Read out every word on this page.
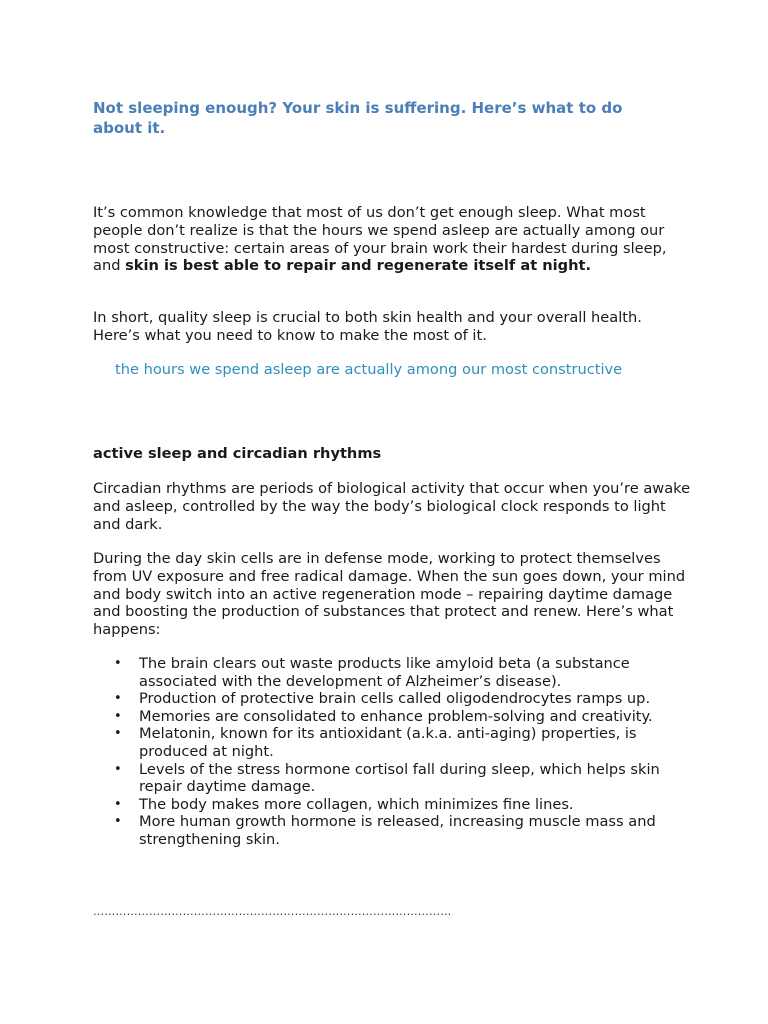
Not sleeping enough? Your skin is suffering. Here’s what to do about it.

It’s common knowledge that most of us don’t get enough sleep. What most people don’t realize is that the hours we spend asleep are actually among our most constructive: certain areas of your brain work their hardest during sleep, and skin is best able to repair and regenerate itself at night.

In short, quality sleep is crucial to both skin health and your overall health. Here’s what you need to know to make the most of it.

the hours we spend asleep are actually among our most constructive

active sleep and circadian rhythms

Circadian rhythms are periods of biological activity that occur when you’re awake and asleep, controlled by the way the body’s biological clock responds to light and dark.

During the day skin cells are in defense mode, working to protect themselves from UV exposure and free radical damage. When the sun goes down, your mind and body switch into an active regeneration mode – repairing daytime damage and boosting the production of substances that protect and renew. Here’s what happens:

• The brain clears out waste products like amyloid beta (a substance associated with the development of Alzheimer’s disease).
• Production of protective brain cells called oligodendrocytes ramps up.
• Memories are consolidated to enhance problem-solving and creativity.
• Melatonin, known for its antioxidant (a.k.a. anti-aging) properties, is produced at night.
• Levels of the stress hormone cortisol fall during sleep, which helps skin repair daytime damage.
• The body makes more collagen, which minimizes fine lines.
• More human growth hormone is released, increasing muscle mass and strengthening skin.
……………………………………………………………………………………
